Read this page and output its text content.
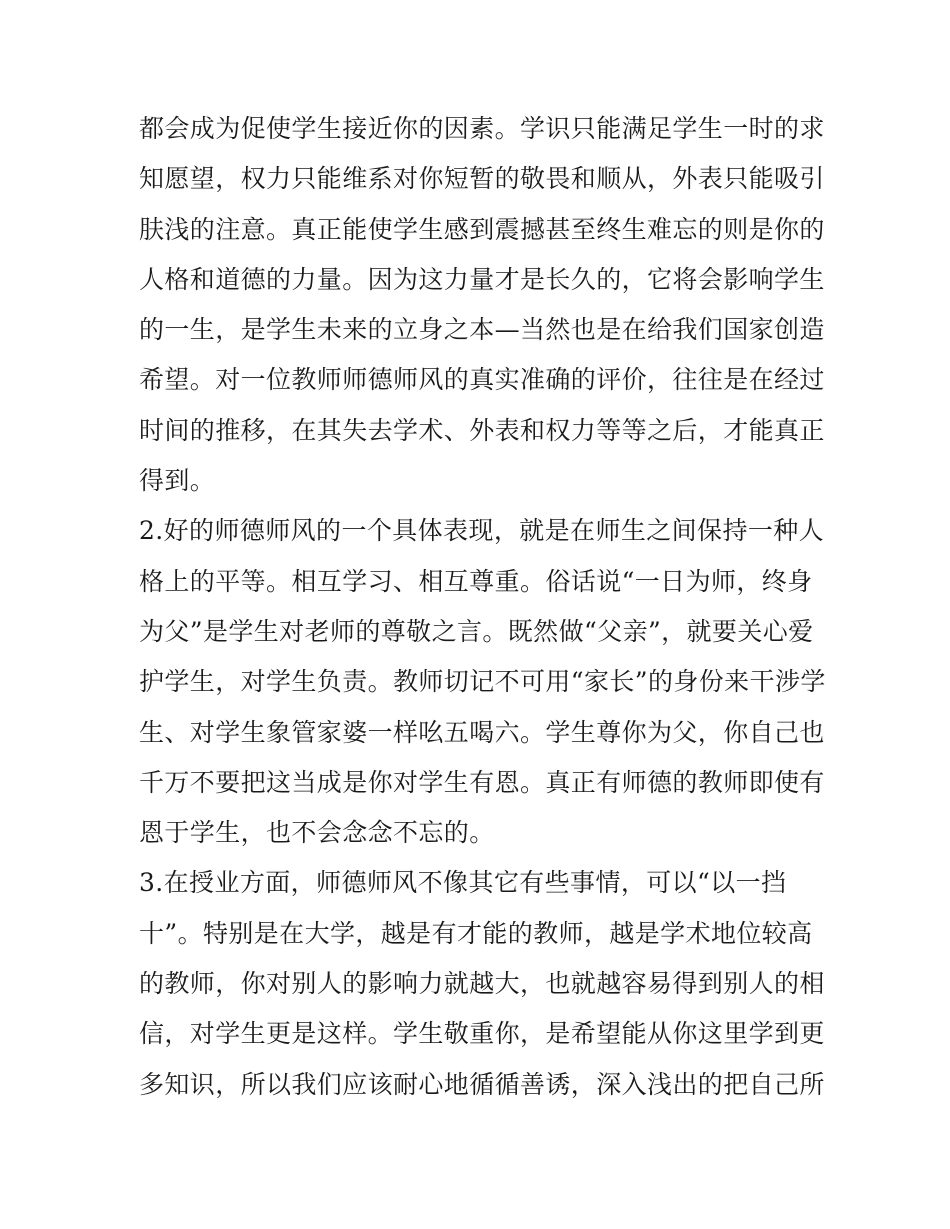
都会成为促使学生接近你的因素。学识只能满足学生一时的求
知愿望，权力只能维系对你短暂的敬畏和顺从，外表只能吸引
肤浅的注意。真正能使学生感到震撼甚至终生难忘的则是你的
人格和道德的力量。因为这力量才是长久的，它将会影响学生
的一生，是学生未来的立身之本—当然也是在给我们国家创造
希望。对一位教师师德师风的真实准确的评价，往往是在经过
时间的推移，在其失去学术、外表和权力等等之后，才能真正
得到。
2.好的师德师风的一个具体表现，就是在师生之间保持一种人
格上的平等。相互学习、相互尊重。俗话说“一日为师，终身
为父”是学生对老师的尊敬之言。既然做“父亲”，就要关心爱
护学生，对学生负责。教师切记不可用“家长”的身份来干涉学
生、对学生象管家婆一样吆五喝六。学生尊你为父，你自己也
千万不要把这当成是你对学生有恩。真正有师德的教师即使有
恩于学生，也不会念念不忘的。
3.在授业方面，师德师风不像其它有些事情，可以“以一挡
十”。特别是在大学，越是有才能的教师，越是学术地位较高
的教师，你对别人的影响力就越大，也就越容易得到别人的相
信，对学生更是这样。学生敬重你，是希望能从你这里学到更
多知识，所以我们应该耐心地循循善诱，深入浅出的把自己所
